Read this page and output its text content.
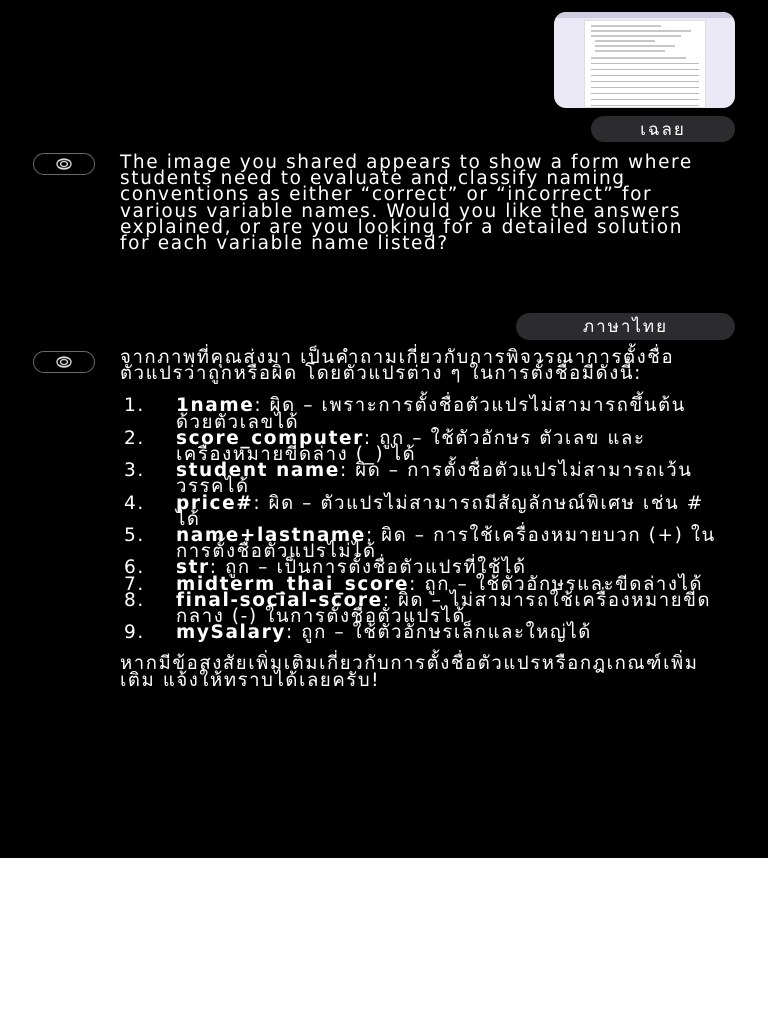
เฉลย

The image you shared appears to show a form where students need to evaluate and classify naming conventions as either “correct” or “incorrect” for various variable names. Would you like the answers explained, or are you looking for a detailed solution for each variable name listed?

ภาษาไทย

จากภาพที่คุณส่งมา เป็นคำถามเกี่ยวกับการพิจารณาการตั้งชื่อตัวแปรว่าถูกหรือผิด โดยตัวแปรต่าง ๆ ในการตั้งชื่อมีดังนี้:

1.	1name: ผิด – เพราะการตั้งชื่อตัวแปรไม่สามารถขึ้นต้นด้วยตัวเลขได้
2.	score_computer: ถูก – ใช้ตัวอักษร ตัวเลข และเครื่องหมายขีดล่าง (_) ได้
3.	student name: ผิด – การตั้งชื่อตัวแปรไม่สามารถเว้นวรรคได้
4.	price#: ผิด – ตัวแปรไม่สามารถมีสัญลักษณ์พิเศษ เช่น # ได้
5.	name+lastname: ผิด – การใช้เครื่องหมายบวก (+) ในการตั้งชื่อตัวแปรไม่ได้
6.	str: ถูก – เป็นการตั้งชื่อตัวแปรที่ใช้ได้
7.	midterm_thai_score: ถูก – ใช้ตัวอักษรและขีดล่างได้
8.	final-social-score: ผิด – ไม่สามารถใช้เครื่องหมายขีดกลาง (-) ในการตั้งชื่อตัวแปรได้
9.	mySalary: ถูก – ใช้ตัวอักษรเล็กและใหญ่ได้

หากมีข้อสงสัยเพิ่มเติมเกี่ยวกับการตั้งชื่อตัวแปรหรือกฎเกณฑ์เพิ่มเติม แจ้งให้ทราบได้เลยครับ!
